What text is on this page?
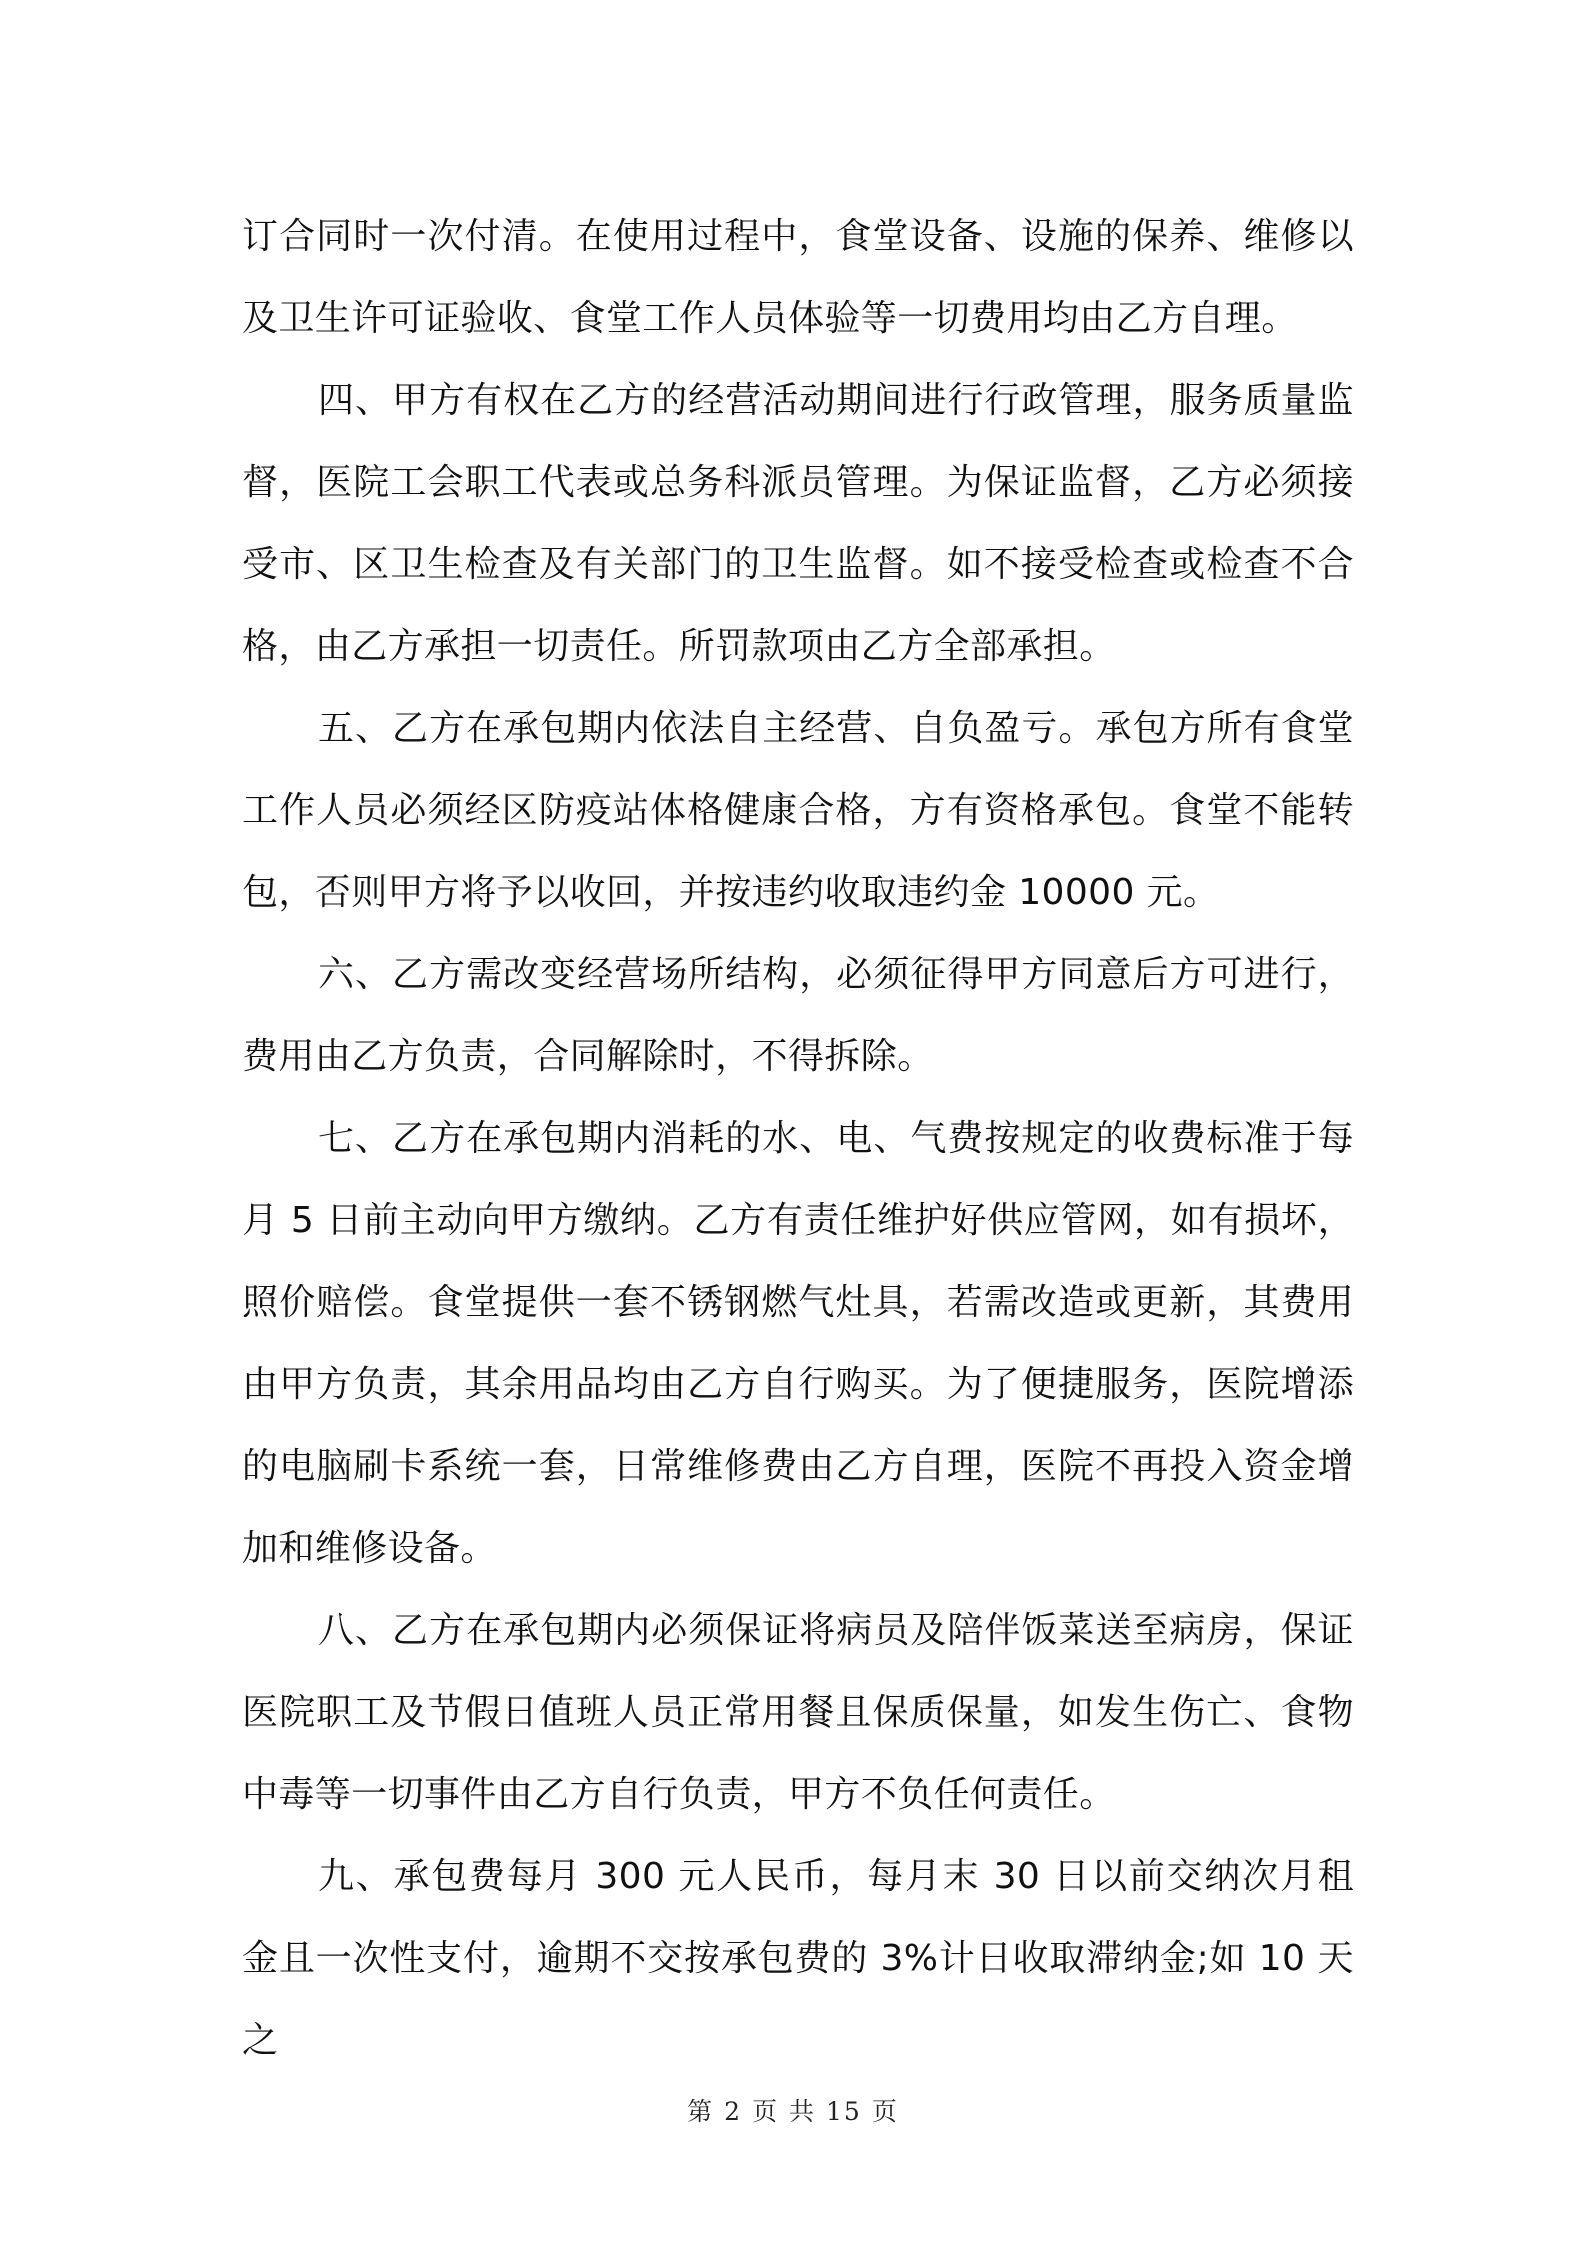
订合同时一次付清。在使用过程中，食堂设备、设施的保养、维修以及卫生许可证验收、食堂工作人员体验等一切费用均由乙方自理。

四、甲方有权在乙方的经营活动期间进行行政管理，服务质量监督，医院工会职工代表或总务科派员管理。为保证监督，乙方必须接受市、区卫生检查及有关部门的卫生监督。如不接受检查或检查不合格，由乙方承担一切责任。所罚款项由乙方全部承担。

五、乙方在承包期内依法自主经营、自负盈亏。承包方所有食堂工作人员必须经区防疫站体格健康合格，方有资格承包。食堂不能转包，否则甲方将予以收回，并按违约收取违约金 10000 元。

六、乙方需改变经营场所结构，必须征得甲方同意后方可进行，费用由乙方负责，合同解除时，不得拆除。

七、乙方在承包期内消耗的水、电、气费按规定的收费标准于每月 5 日前主动向甲方缴纳。乙方有责任维护好供应管网，如有损坏，照价赔偿。食堂提供一套不锈钢燃气灶具，若需改造或更新，其费用由甲方负责，其余用品均由乙方自行购买。为了便捷服务，医院增添的电脑刷卡系统一套，日常维修费由乙方自理，医院不再投入资金增加和维修设备。

八、乙方在承包期内必须保证将病员及陪伴饭菜送至病房，保证医院职工及节假日值班人员正常用餐且保质保量，如发生伤亡、食物中毒等一切事件由乙方自行负责，甲方不负任何责任。

九、承包费每月 300 元人民币，每月末 30 日以前交纳次月租金且一次性支付，逾期不交按承包费的 3%计日收取滞纳金;如 10 天之

第 2 页 共 15 页
